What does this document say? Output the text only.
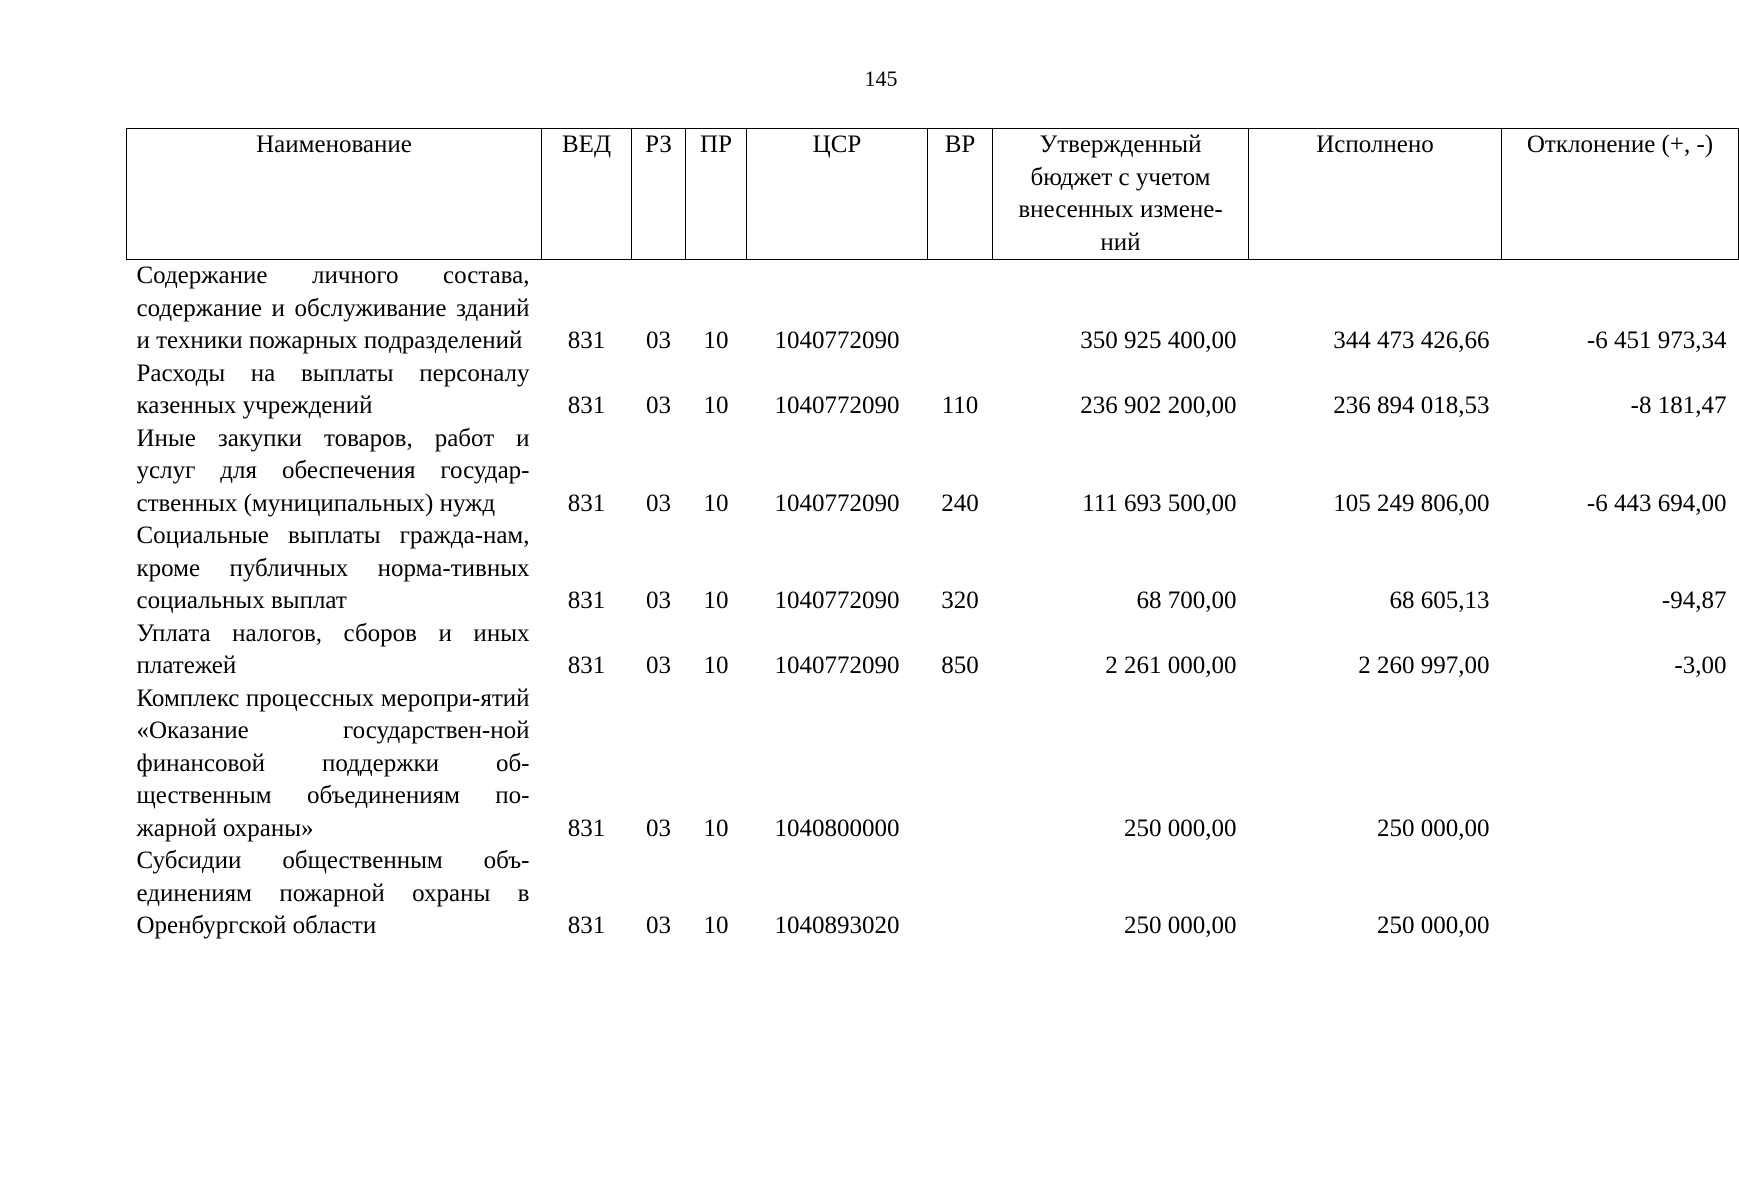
145
Наименование	ВЕД	РЗ	ПР	ЦСР	ВР	Утвержденный бюджет с учетом внесенных измене-ний	Исполнено	Отклонение (+, -)
Содержание личного состава, содержание и обслуживание зданий и техники пожарных подразделений	831	03	10	1040772090		350 925 400,00	344 473 426,66	-6 451 973,34
Расходы на выплаты персоналу казенных учреждений	831	03	10	1040772090	110	236 902 200,00	236 894 018,53	-8 181,47
Иные закупки товаров, работ и услуг для обеспечения государ-ственных (муниципальных) нужд	831	03	10	1040772090	240	111 693 500,00	105 249 806,00	-6 443 694,00
Социальные выплаты гражда-нам, кроме публичных норма-тивных социальных выплат	831	03	10	1040772090	320	68 700,00	68 605,13	-94,87
Уплата налогов, сборов и иных платежей	831	03	10	1040772090	850	2 261 000,00	2 260 997,00	-3,00
Комплекс процессных меропри-ятий «Оказание государствен-ной финансовой поддержки об-щественным объединениям по-жарной охраны»	831	03	10	1040800000		250 000,00	250 000,00	
Субсидии общественным объ-единениям пожарной охраны в Оренбургской области	831	03	10	1040893020		250 000,00	250 000,00	
